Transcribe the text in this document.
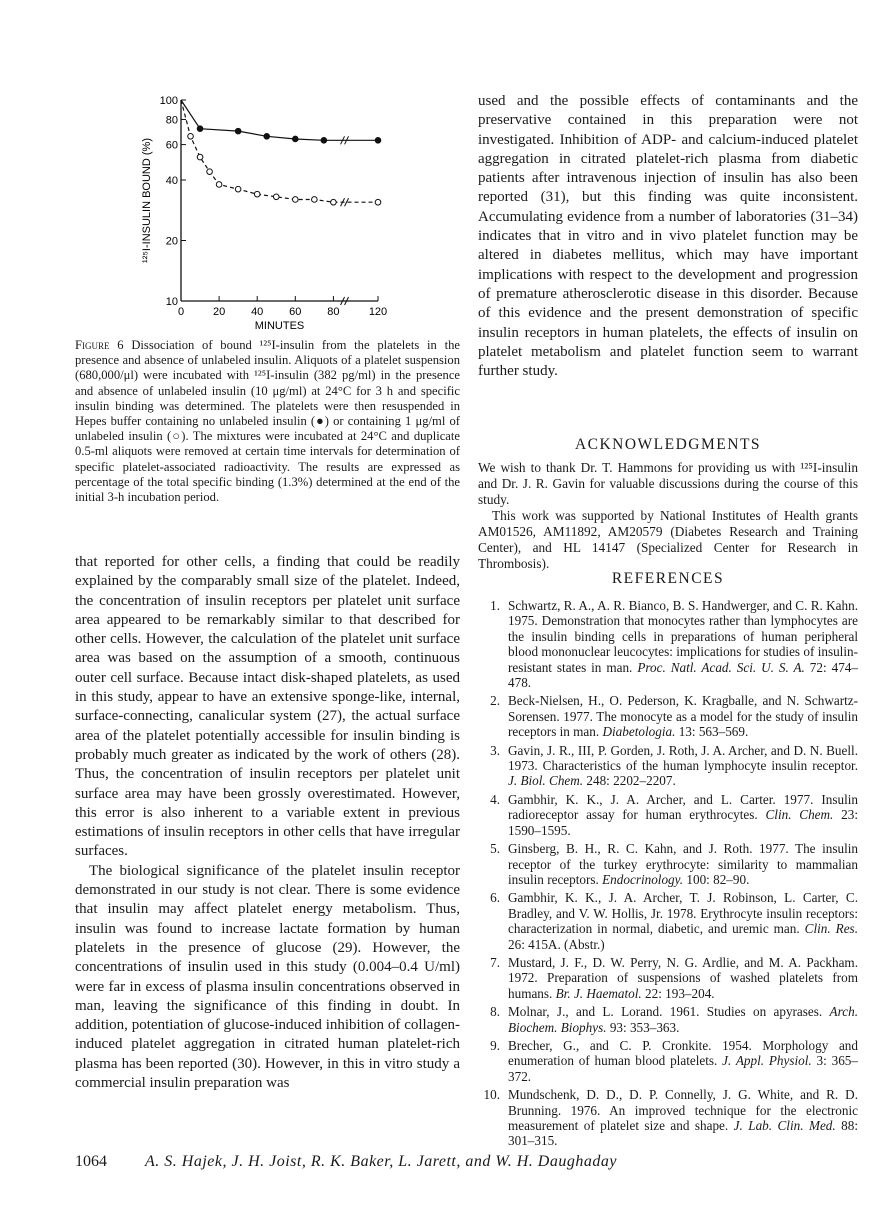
10
20
40
60
80
100
0	20 40 60 80	120
MINUTES
¹²⁵I-INSULIN BOUND (%)
Figure 6 Dissociation of bound ¹²⁵I-insulin from the platelets in the presence and absence of unlabeled insulin. Aliquots of a platelet suspension (680,000/μl) were incubated with ¹²⁵I-insulin (382 pg/ml) in the presence and absence of unlabeled insulin (10 μg/ml) at 24°C for 3 h and specific insulin binding was determined. The platelets were then resuspended in Hepes buffer containing no unlabeled insulin (●) or containing 1 μg/ml of unlabeled insulin (○). The mixtures were incubated at 24°C and duplicate 0.5-ml aliquots were removed at certain time intervals for determination of specific platelet-associated radioactivity. The results are expressed as percentage of the total specific binding (1.3%) determined at the end of the initial 3-h incubation period.

that reported for other cells, a finding that could be readily explained by the comparably small size of the platelet. Indeed, the concentration of insulin receptors per platelet unit surface area appeared to be remarkably similar to that described for other cells. However, the calculation of the platelet unit surface area was based on the assumption of a smooth, continuous outer cell surface. Because intact disk-shaped platelets, as used in this study, appear to have an extensive sponge-like, internal, surface-connecting, canalicular system (27), the actual surface area of the platelet potentially accessible for insulin binding is probably much greater as indicated by the work of others (28). Thus, the concentration of insulin receptors per platelet unit surface area may have been grossly overestimated. However, this error is also inherent to a variable extent in previous estimations of insulin receptors in other cells that have irregular surfaces.

The biological significance of the platelet insulin receptor demonstrated in our study is not clear. There is some evidence that insulin may affect platelet energy metabolism. Thus, insulin was found to increase lactate formation by human platelets in the presence of glucose (29). However, the concentrations of insulin used in this study (0.004–0.4 U/ml) were far in excess of plasma insulin concentrations observed in man, leaving the significance of this finding in doubt. In addition, potentiation of glucose-induced inhibition of collagen-induced platelet aggregation in citrated human platelet-rich plasma has been reported (30). However, in this in vitro study a commercial insulin preparation was

used and the possible effects of contaminants and the preservative contained in this preparation were not investigated. Inhibition of ADP- and calcium-induced platelet aggregation in citrated platelet-rich plasma from diabetic patients after intravenous injection of insulin has also been reported (31), but this finding was quite inconsistent. Accumulating evidence from a number of laboratories (31–34) indicates that in vitro and in vivo platelet function may be altered in diabetes mellitus, which may have important implications with respect to the development and progression of premature atherosclerotic disease in this disorder. Because of this evidence and the present demonstration of specific insulin receptors in human platelets, the effects of insulin on platelet metabolism and platelet function seem to warrant further study.

ACKNOWLEDGMENTS

We wish to thank Dr. T. Hammons for providing us with ¹²⁵I-insulin and Dr. J. R. Gavin for valuable discussions during the course of this study.

This work was supported by National Institutes of Health grants AM01526, AM11892, AM20579 (Diabetes Research and Training Center), and HL 14147 (Specialized Center for Research in Thrombosis).

REFERENCES
1. Schwartz, R. A., A. R. Bianco, B. S. Handwerger, and C. R. Kahn. 1975. Demonstration that monocytes rather than lymphocytes are the insulin binding cells in preparations of human peripheral blood mononuclear leucocytes: implications for studies of insulin-resistant states in man. Proc. Natl. Acad. Sci. U. S. A. 72: 474–478.
2. Beck-Nielsen, H., O. Pederson, K. Kragballe, and N. Schwartz-Sorensen. 1977. The monocyte as a model for the study of insulin receptors in man. Diabetologia. 13: 563–569.
3. Gavin, J. R., III, P. Gorden, J. Roth, J. A. Archer, and D. N. Buell. 1973. Characteristics of the human lymphocyte insulin receptor. J. Biol. Chem. 248: 2202–2207.
4. Gambhir, K. K., J. A. Archer, and L. Carter. 1977. Insulin radioreceptor assay for human erythrocytes. Clin. Chem. 23: 1590–1595.
5. Ginsberg, B. H., R. C. Kahn, and J. Roth. 1977. The insulin receptor of the turkey erythrocyte: similarity to mammalian insulin receptors. Endocrinology. 100: 82–90.
6. Gambhir, K. K., J. A. Archer, T. J. Robinson, L. Carter, C. Bradley, and V. W. Hollis, Jr. 1978. Erythrocyte insulin receptors: characterization in normal, diabetic, and uremic man. Clin. Res. 26: 415A. (Abstr.)
7. Mustard, J. F., D. W. Perry, N. G. Ardlie, and M. A. Packham. 1972. Preparation of suspensions of washed platelets from humans. Br. J. Haematol. 22: 193–204.
8. Molnar, J., and L. Lorand. 1961. Studies on apyrases. Arch. Biochem. Biophys. 93: 353–363.
9. Brecher, G., and C. P. Cronkite. 1954. Morphology and enumeration of human blood platelets. J. Appl. Physiol. 3: 365–372.
10. Mundschenk, D. D., D. P. Connelly, J. G. White, and R. D. Brunning. 1976. An improved technique for the electronic measurement of platelet size and shape. J. Lab. Clin. Med. 88: 301–315.
1064 A. S. Hajek, J. H. Joist, R. K. Baker, L. Jarett, and W. H. Daughaday
